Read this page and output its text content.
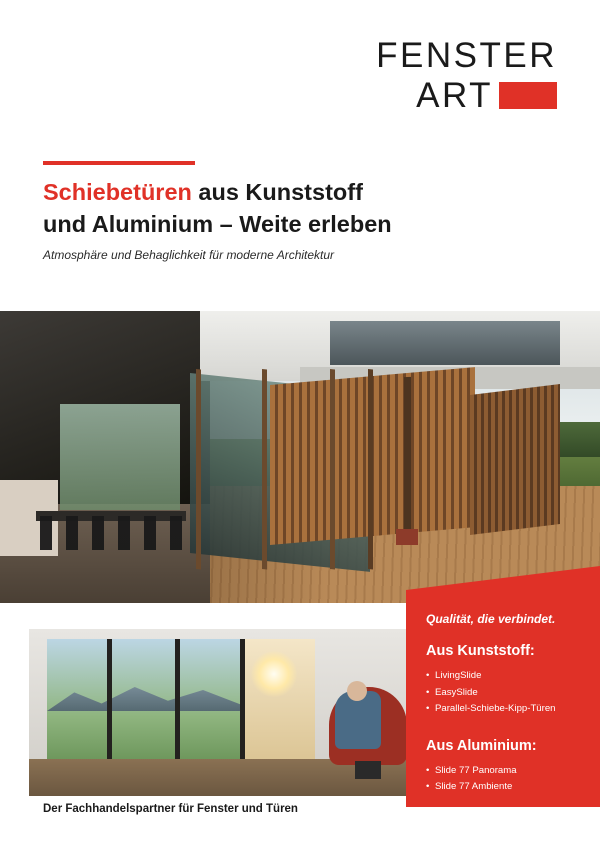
FENSTER
ART
Schiebetüren aus Kunststoff
und Aluminium – Weite erleben
Atmosphäre und Behaglichkeit für moderne Architektur
Qualität, die verbindet.
Aus Kunststoff:
• LivingSlide
• EasySlide
• Parallel-Schiebe-Kipp-Türen
Aus Aluminium:
• Slide 77 Panorama
• Slide 77 Ambiente
Der Fachhandelspartner für Fenster und Türen
